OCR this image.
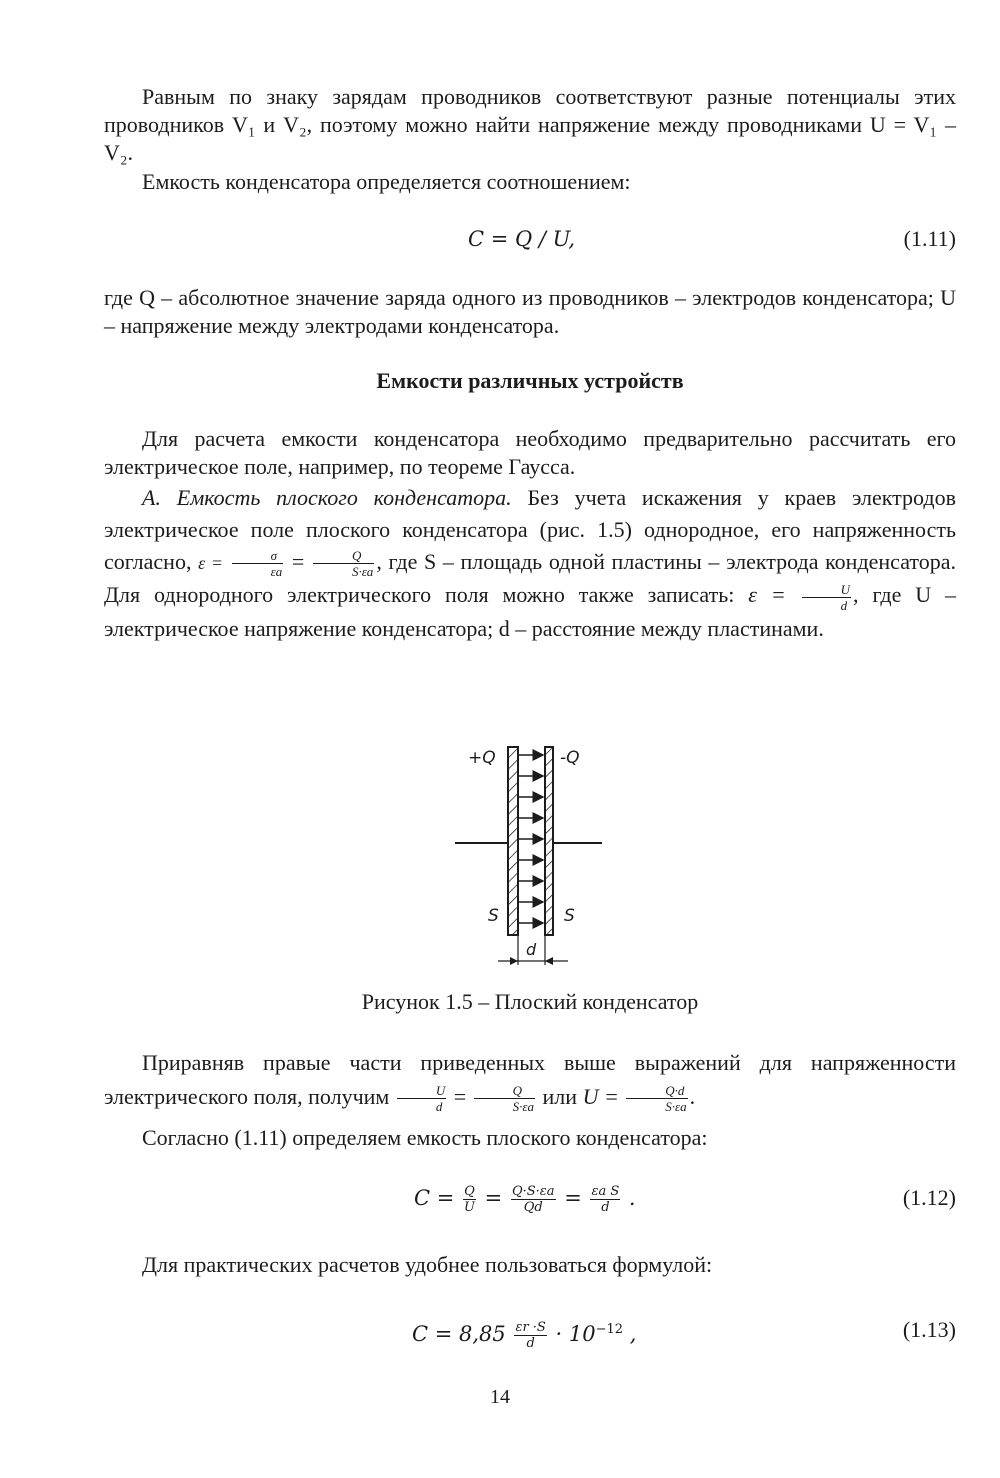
Равным по знаку зарядам проводников соответствуют разные потенциалы этих проводников V₁ и V₂, поэтому можно найти напряжение между проводниками U = V₁ – V₂.

Емкость конденсатора определяется соотношением:

C = Q / U,	(1.11)

где Q – абсолютное значение заряда одного из проводников – электродов конденсатора; U – напряжение между электродами конденсатора.

Емкости различных устройств

Для расчета емкости конденсатора необходимо предварительно рассчитать его электрическое поле, например, по теореме Гаусса.

А. Емкость плоского конденсатора. Без учета искажения у краев электродов электрическое поле плоского конденсатора (рис. 1.5) однородное, его напряженность согласно, $\varepsilon = \frac{\sigma}{\varepsilon a} = \frac{Q}{S\cdot\varepsilon a}$ , где S – площадь одной пластины – электрода конденсатора. Для однородного электрического поля можно также записать: $\varepsilon = \frac{U}{d}$ , где U – электрическое напряжение конденсатора; d – расстояние между пластинами.

+Q	-Q
S	S
d
Рисунок 1.5 – Плоский конденсатор

Приравняв правые части приведенных выше выражений для напряженности электрического поля, получим $\frac{U}{d} = \frac{Q}{S\cdot\varepsilon a}$ или $U = \frac{Q\cdot d}{S\cdot\varepsilon a}$ .

Согласно (1.11) определяем емкость плоского конденсатора:

$C = \frac{Q}{U} = \frac{Q\cdot S\cdot\varepsilon a}{Qd} = \frac{\text{εa S}}{d}$ .	(1.12)

Для практических расчетов удобнее пользоваться формулой:

$C = 8,85 \frac{\varepsilon r \cdot S}{d} \cdot 10^{-12}$ ,	(1.13)
14
